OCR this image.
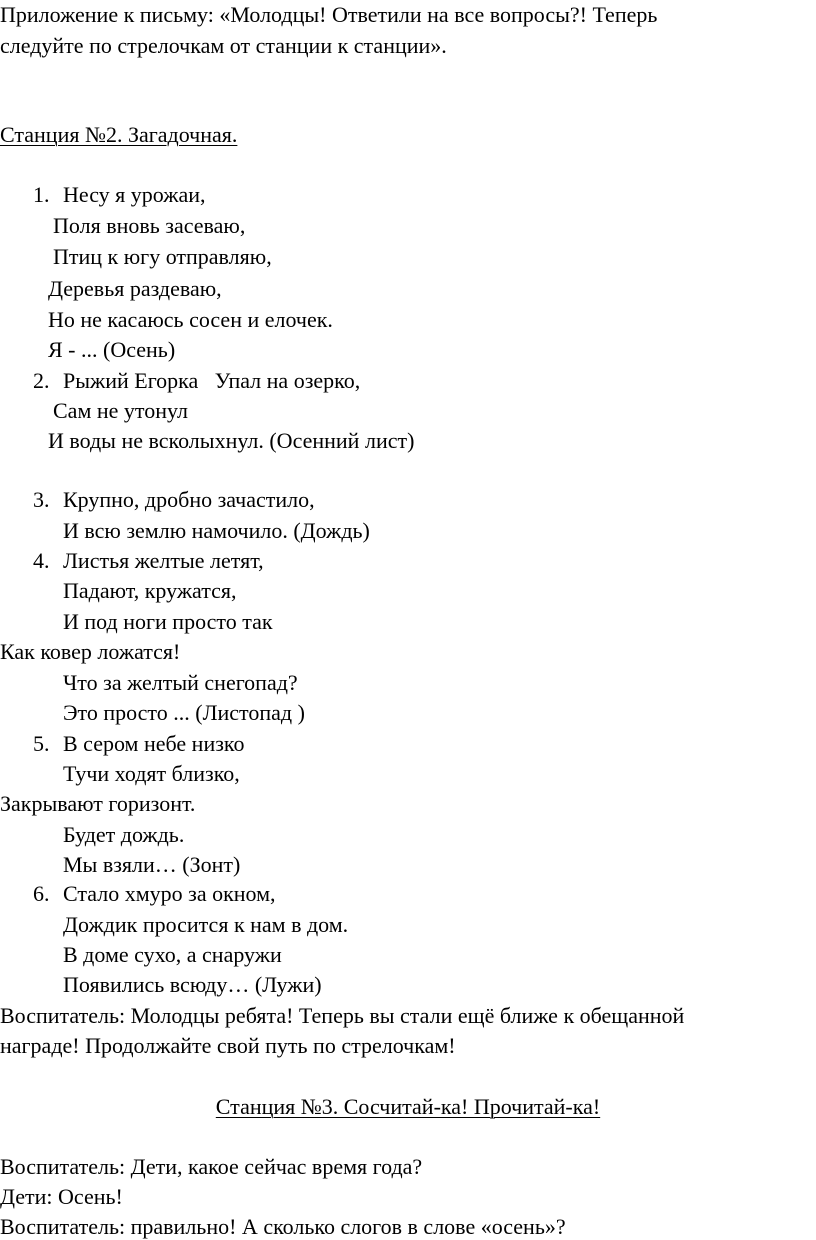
Приложение к письму: «Молодцы! Ответили на все вопросы?! Теперь
следуйте по стрелочкам от станции к станции».
Станция №2. Загадочная.
1. Несу я урожаи,
Поля вновь засеваю,
Птиц к югу отправляю,
Деревья раздеваю,
Но не касаюсь сосен и елочек.
Я - ... (Осень)
2. Рыжий Егорка   Упал на озерко,
Сам не утонул
И воды не всколыхнул. (Осенний лист)
3. Крупно, дробно зачастило,
И всю землю намочило. (Дождь)
4. Листья желтые летят,
Падают, кружатся,
И под ноги просто так
Как ковер ложатся!
Что за желтый снегопад?
Это просто ... (Листопад )
5. В сером небе низко
Тучи ходят близко,
Закрывают горизонт.
Будет дождь.
Мы взяли… (Зонт)
6. Стало хмуро за окном,
Дождик просится к нам в дом.
В доме сухо, а снаружи
Появились всюду… (Лужи)
Воспитатель: Молодцы ребята! Теперь вы стали ещё ближе к обещанной
награде! Продолжайте свой путь по стрелочкам!
Станция №3. Сосчитай-ка! Прочитай-ка!
Воспитатель: Дети, какое сейчас время года?
Дети: Осень!
Воспитатель: правильно! А сколько слогов в слове «осень»?
